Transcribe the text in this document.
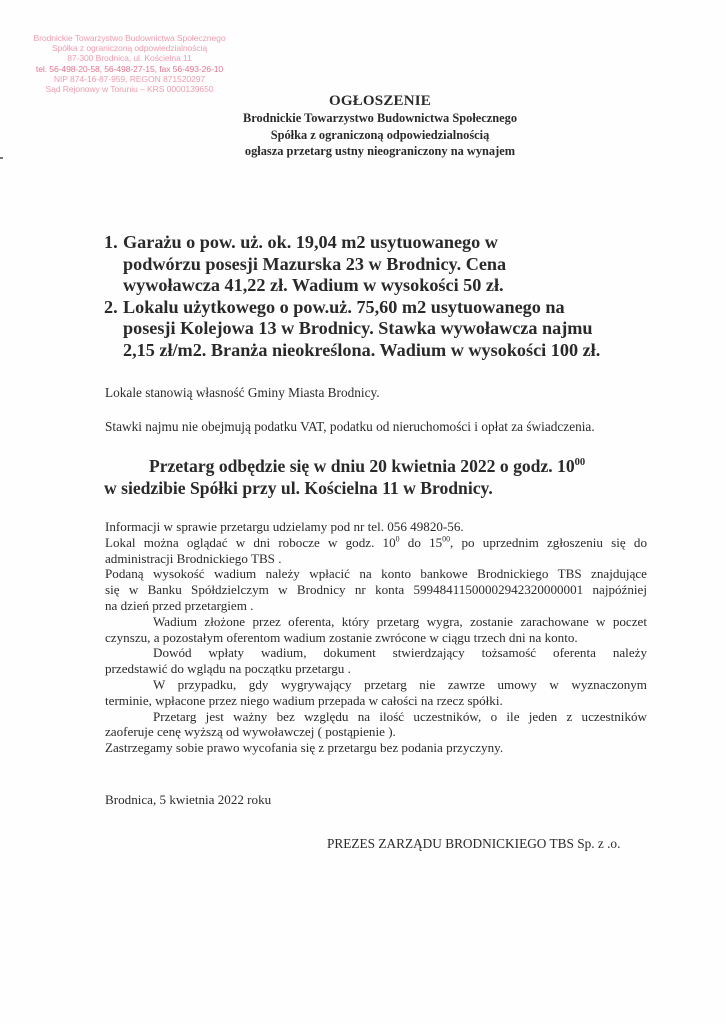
Brodnickie Towarzystwo Budownictwa Społecznego
Spółka z ograniczoną odpowiedzialnością
87-300 Brodnica, ul. Kościelna 11
tel. 56-498-20-58, 56-498-27-15, fax 56-493-26-10
NIP 874-16-87-959, REGON 871520297
Sąd Rejonowy w Toruniu – KRS 0000139650
OGŁOSZENIE
Brodnickie Towarzystwo Budownictwa Społecznego
Spółka z ograniczoną odpowiedzialnością
ogłasza przetarg ustny nieograniczony na wynajem
1. Garażu o pow. uż. ok. 19,04 m2 usytuowanego w
podwórzu posesji Mazurska 23 w Brodnicy. Cena
wywoławcza 41,22 zł. Wadium w wysokości 50 zł.
2. Lokalu użytkowego o pow.uż. 75,60 m2 usytuowanego na
posesji Kolejowa 13 w Brodnicy. Stawka wywoławcza najmu
2,15 zł/m2. Branża nieokreślona. Wadium w wysokości 100 zł.
Lokale stanowią własność Gminy Miasta Brodnicy.
Stawki najmu nie obejmują podatku VAT, podatku od nieruchomości i opłat za świadczenia.
Przetarg odbędzie się w dniu 20 kwietnia 2022 o godz. $10^{00}$
w siedzibie Spółki przy ul. Kościelna 11 w Brodnicy.
Informacji w sprawie przetargu udzielamy pod nr tel. 056 49820-56.
Lokal można oglądać w dni robocze w godz. $10^0$ do $15^{00}$, po uprzednim zgłoszeniu się do
administracji Brodnickiego TBS .
Podaną wysokość wadium należy wpłacić na konto bankowe Brodnickiego TBS znajdujące
się w Banku Spółdzielczym w Brodnicy nr konta 59948411500002942320000001 najpóźniej
na dzień przed przetargiem .
Wadium złożone przez oferenta, który przetarg wygra, zostanie zarachowane w poczet
czynszu, a pozostałym oferentom wadium zostanie zwrócone w ciągu trzech dni na konto.
Dowód wpłaty wadium, dokument stwierdzający tożsamość oferenta należy
przedstawić do wglądu na początku przetargu .
W przypadku, gdy wygrywający przetarg nie zawrze umowy w wyznaczonym
terminie, wpłacone przez niego wadium przepada w całości na rzecz spółki.
Przetarg jest ważny bez względu na ilość uczestników, o ile jeden z uczestników
zaoferuje cenę wyższą od wywoławczej ( postąpienie ).
Zastrzegamy sobie prawo wycofania się z przetargu bez podania przyczyny.
Brodnica, 5 kwietnia 2022 roku
PREZES ZARZĄDU BRODNICKIEGO TBS Sp. z .o.
